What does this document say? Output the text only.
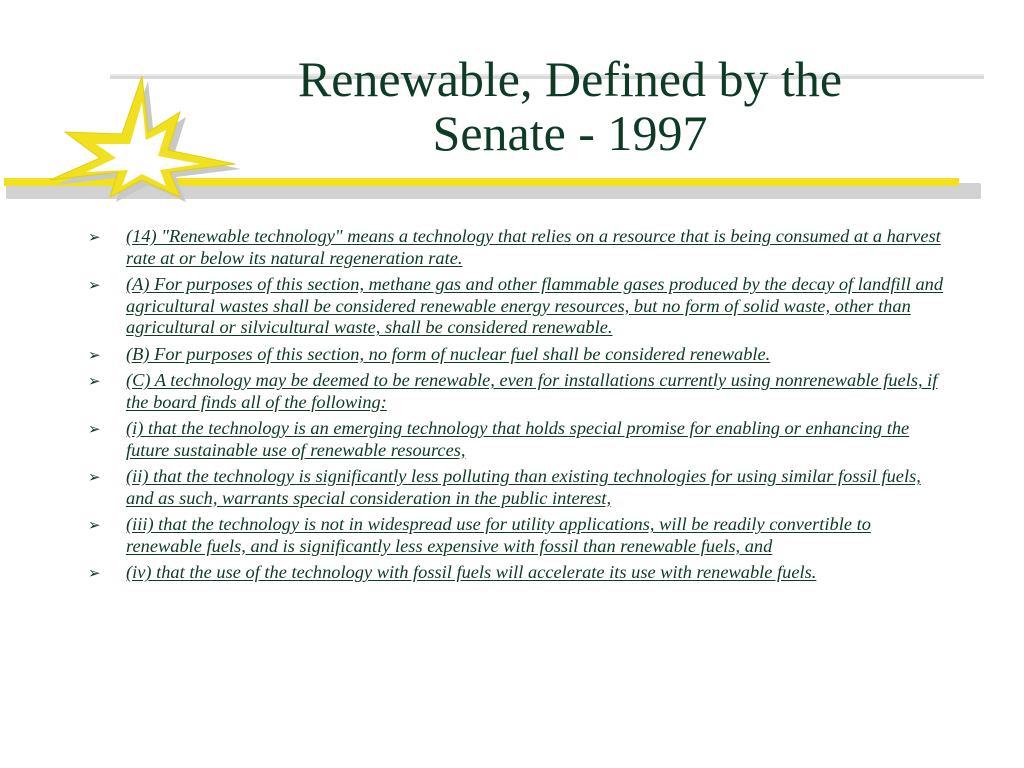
Renewable, Defined by the
Senate - 1997
➢ (14) "Renewable technology" means a technology that relies on a resource that is being consumed at a harvest rate at or below its natural regeneration rate.
➢ (A) For purposes of this section, methane gas and other flammable gases produced by the decay of landfill and agricultural wastes shall be considered renewable energy resources, but no form of solid waste, other than agricultural or silvicultural waste, shall be considered renewable.
➢ (B) For purposes of this section, no form of nuclear fuel shall be considered renewable.
➢ (C) A technology may be deemed to be renewable, even for installations currently using nonrenewable fuels, if the board finds all of the following:
➢ (i) that the technology is an emerging technology that holds special promise for enabling or enhancing the future sustainable use of renewable resources,
➢ (ii) that the technology is significantly less polluting than existing technologies for using similar fossil fuels, and as such, warrants special consideration in the public interest,
➢ (iii) that the technology is not in widespread use for utility applications, will be readily convertible to renewable fuels, and is significantly less expensive with fossil than renewable fuels, and
➢ (iv) that the use of the technology with fossil fuels will accelerate its use with renewable fuels.
